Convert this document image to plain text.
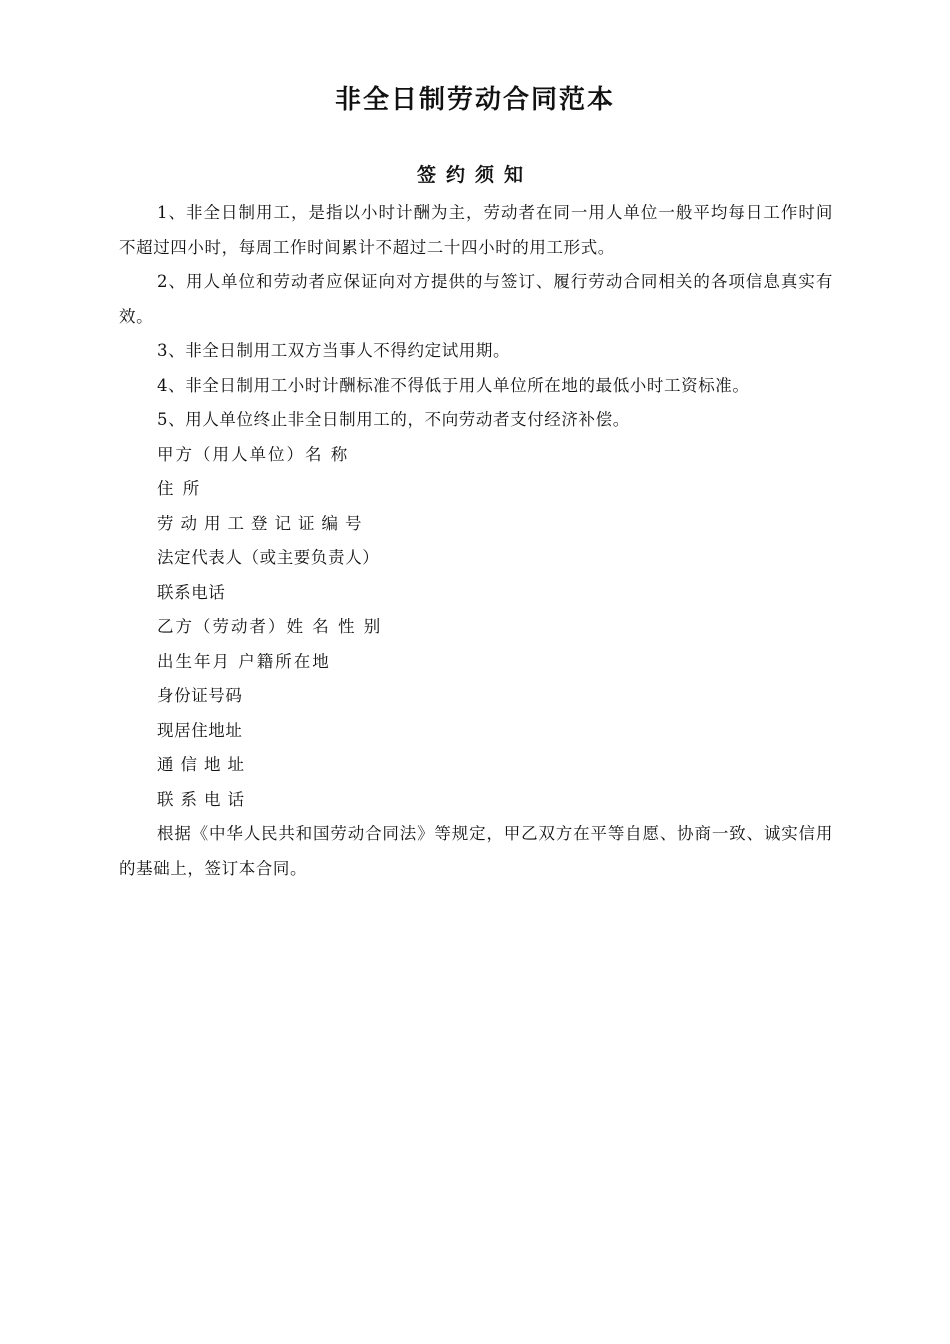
非全日制劳动合同范本
签约须知

1、非全日制用工，是指以小时计酬为主，劳动者在同一用人单位一般平均每日工作时间不超过四小时，每周工作时间累计不超过二十四小时的用工形式。

2、用人单位和劳动者应保证向对方提供的与签订、履行劳动合同相关的各项信息真实有效。

3、非全日制用工双方当事人不得约定试用期。

4、非全日制用工小时计酬标准不得低于用人单位所在地的最低小时工资标准。

5、用人单位终止非全日制用工的，不向劳动者支付经济补偿。

甲方（用人单位）名 称

住 所

劳动用工登记证编号

法定代表人（或主要负责人）

联系电话

乙方（劳动者）姓 名 性 别

出生年月 户籍所在地

身份证号码

现居住地址

通信地址

联系电话

根据《中华人民共和国劳动合同法》等规定，甲乙双方在平等自愿、协商一致、诚实信用的基础上，签订本合同。
